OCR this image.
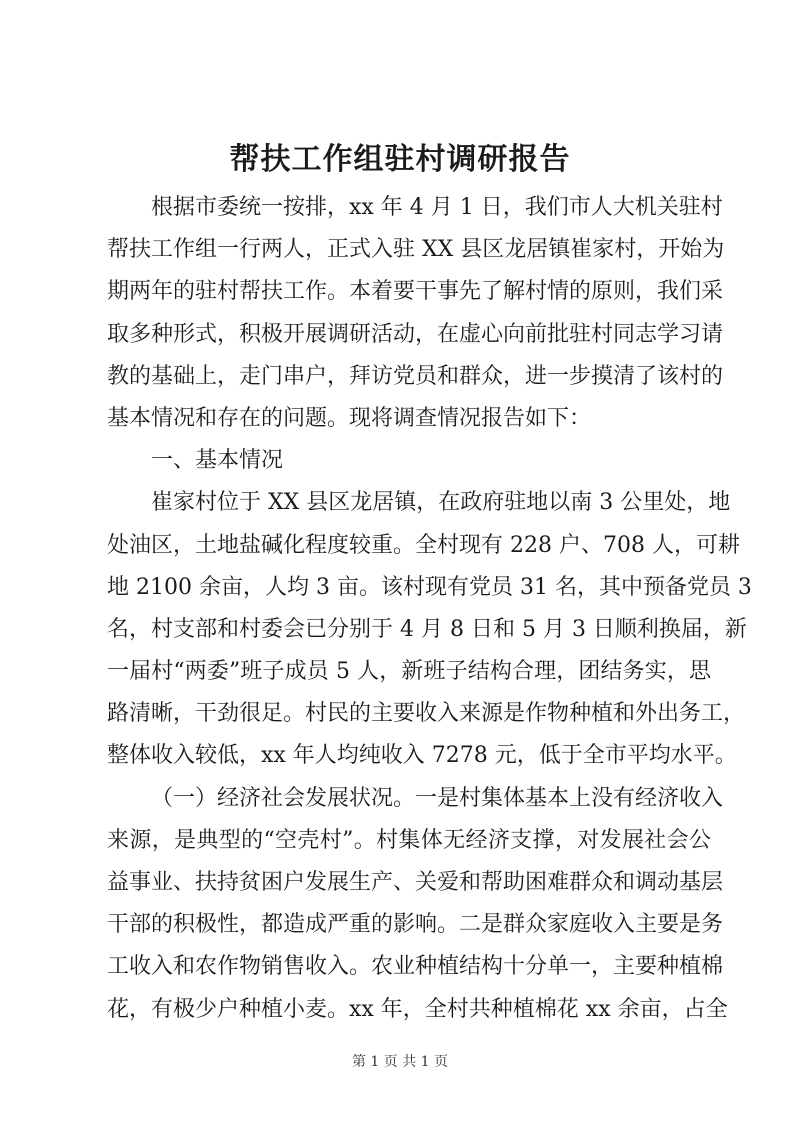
帮扶工作组驻村调研报告
根据市委统一按排，xx 年 4 月 1 日，我们市人大机关驻村
帮扶工作组一行两人，正式入驻 XX 县区龙居镇崔家村，开始为
期两年的驻村帮扶工作。本着要干事先了解村情的原则，我们采
取多种形式，积极开展调研活动，在虚心向前批驻村同志学习请
教的基础上，走门串户，拜访党员和群众，进一步摸清了该村的
基本情况和存在的问题。现将调查情况报告如下：
一、基本情况
崔家村位于 XX 县区龙居镇，在政府驻地以南 3 公里处，地
处油区，土地盐碱化程度较重。全村现有 228 户、708 人，可耕
地 2100 余亩，人均 3 亩。该村现有党员 31 名，其中预备党员 3
名，村支部和村委会已分别于 4 月 8 日和 5 月 3 日顺利换届，新
一届村“两委”班子成员 5 人，新班子结构合理，团结务实，思
路清晰，干劲很足。村民的主要收入来源是作物种植和外出务工，
整体收入较低，xx 年人均纯收入 7278 元，低于全市平均水平。
（一）经济社会发展状况。一是村集体基本上没有经济收入
来源，是典型的“空壳村”。村集体无经济支撑，对发展社会公
益事业、扶持贫困户发展生产、关爱和帮助困难群众和调动基层
干部的积极性，都造成严重的影响。二是群众家庭收入主要是务
工收入和农作物销售收入。农业种植结构十分单一，主要种植棉
花，有极少户种植小麦。xx 年，全村共种植棉花 xx 余亩，占全
第 1 页 共 1 页
